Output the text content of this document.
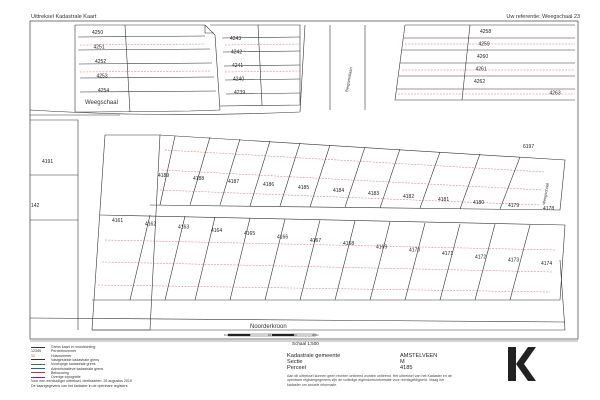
Uittreksel Kadastrale Kaart	Uw referentie: Weegschaal 23
Weegschaal
Noorderkroon
Bergamotlaan
Weegschaal
4250
4243
4251
4242
4252
4241
4253	4240
4254	4239
4258
4259
4260
4261
4262
4263
4189	4188	4187	4186	4185	4184	4183	4182	4181	4180	4179	4178
4161
4162
4163
4164
4165
4166
4167
4168
4169
4170
4171
4172
4173
4174
4191
142
6197
Schaal 1:500
0 m	5 m	10 m	15 m	20 m
Grens kaart in noordrichting
12345	Perceelnummer
12	Huisnummer
Vastgestelde kadastrale grens
Voorlopige kadastrale grens
Administratieve kadastrale grens
Bebouwing
Overige topografie
Voor een eenduidiger uittreksel, deelkaarten: 26 augustus 2019
De kaartgegevens van het kadaster in de openbare registers
Kadastrale gemeente	AMSTELVEEN
Sectie	M
Perceel	4185
Aan dit uittreksel kunnen geen rechten ontleend worden ontleend. Het uittreksel van het Kadaster en de openbare registergegevens zijn de volledige eigendomsinformatie voor rechtsgeldigheid. Vraag het kadaster om actuele informatie.
